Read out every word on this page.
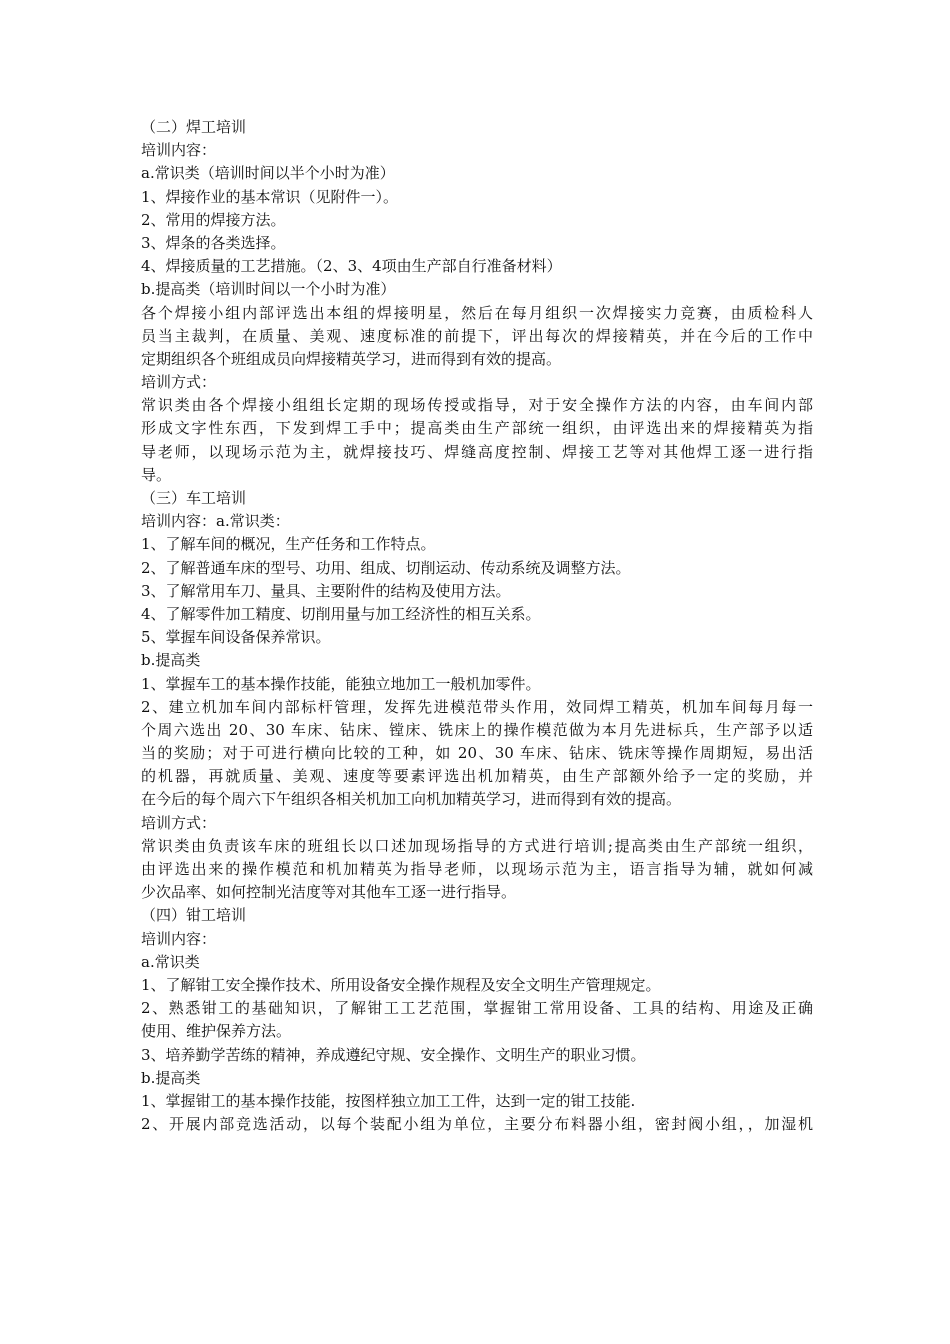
（二）焊工培训
培训内容：
a.常识类（培训时间以半个小时为准）
1、焊接作业的基本常识（见附件一）。
2、常用的焊接方法。
3、焊条的各类选择。
4、焊接质量的工艺措施。（2、3、4项由生产部自行准备材料）
b.提高类（培训时间以一个小时为准）
各个焊接小组内部评选出本组的焊接明星，然后在每月组织一次焊接实力竞赛，由质检科人
员当主裁判，在质量、美观、速度标准的前提下，评出每次的焊接精英，并在今后的工作中
定期组织各个班组成员向焊接精英学习，进而得到有效的提高。
培训方式：
常识类由各个焊接小组组长定期的现场传授或指导，对于安全操作方法的内容，由车间内部
形成文字性东西，下发到焊工手中；提高类由生产部统一组织，由评选出来的焊接精英为指
导老师，以现场示范为主，就焊接技巧、焊缝高度控制、焊接工艺等对其他焊工逐一进行指
导。
（三）车工培训
培训内容：a.常识类：
1、了解车间的概况，生产任务和工作特点。
2、了解普通车床的型号、功用、组成、切削运动、传动系统及调整方法。
3、了解常用车刀、量具、主要附件的结构及使用方法。
4、了解零件加工精度、切削用量与加工经济性的相互关系。
5、掌握车间设备保养常识。
b.提高类
1、掌握车工的基本操作技能，能独立地加工一般机加零件。
2、建立机加车间内部标杆管理，发挥先进模范带头作用，效同焊工精英，机加车间每月每一
个周六选出 20、30 车床、钻床、镗床、铣床上的操作模范做为本月先进标兵，生产部予以适
当的奖励；对于可进行横向比较的工种，如 20、30 车床、钻床、铣床等操作周期短，易出活
的机器，再就质量、美观、速度等要素评选出机加精英，由生产部额外给予一定的奖励，并
在今后的每个周六下午组织各相关机加工向机加精英学习，进而得到有效的提高。
培训方式：
常识类由负责该车床的班组长以口述加现场指导的方式进行培训;提高类由生产部统一组织，
由评选出来的操作模范和机加精英为指导老师，以现场示范为主，语言指导为辅，就如何减
少次品率、如何控制光洁度等对其他车工逐一进行指导。
（四）钳工培训
培训内容：
a.常识类
1、了解钳工安全操作技术、所用设备安全操作规程及安全文明生产管理规定。
2、熟悉钳工的基础知识，了解钳工工艺范围，掌握钳工常用设备、工具的结构、用途及正确
使用、维护保养方法。
3、培养勤学苦练的精神，养成遵纪守规、安全操作、文明生产的职业习惯。
b.提高类
1、掌握钳工的基本操作技能，按图样独立加工工件，达到一定的钳工技能.
2、开展内部竞选活动，以每个装配小组为单位，主要分布料器小组，密封阀小组，，加湿机
